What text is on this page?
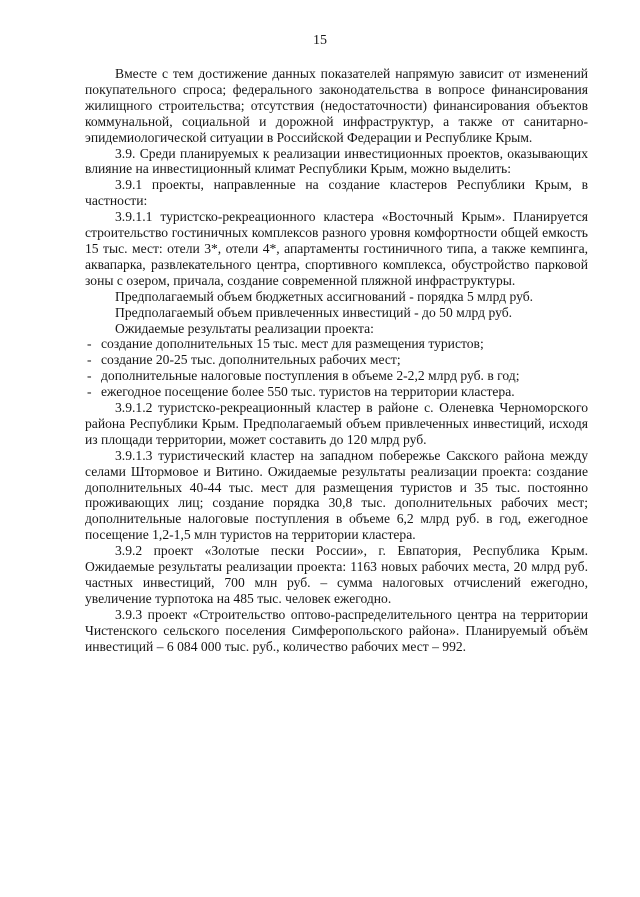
15

Вместе с тем достижение данных показателей напрямую зависит от изменений покупательного спроса; федерального законодательства в вопросе финансирования жилищного строительства; отсутствия (недостаточности) финансирования объектов коммунальной, социальной и дорожной инфраструктур, а также от санитарно-эпидемиологической ситуации в Российской Федерации и Республике Крым.

3.9. Среди планируемых к реализации инвестиционных проектов, оказывающих влияние на инвестиционный климат Республики Крым, можно выделить:

3.9.1 проекты, направленные на создание кластеров Республики Крым, в частности:

3.9.1.1 туристско-рекреационного кластера «Восточный Крым». Планируется строительство гостиничных комплексов разного уровня комфортности общей емкость 15 тыс. мест: отели 3*, отели 4*, апартаменты гостиничного типа, а также кемпинга, аквапарка, развлекательного центра, спортивного комплекса, обустройство парковой зоны с озером, причала, создание современной пляжной инфраструктуры.

Предполагаемый объем бюджетных ассигнований - порядка 5 млрд руб.

Предполагаемый объем привлеченных инвестиций - до 50 млрд руб.

Ожидаемые результаты реализации проекта:

- создание дополнительных 15 тыс. мест для размещения туристов;
- создание 20-25 тыс. дополнительных рабочих мест;
- дополнительные налоговые поступления в объеме 2-2,2 млрд руб. в год;
- ежегодное посещение более 550 тыс. туристов на территории кластера.

3.9.1.2 туристско-рекреационный кластер в районе с. Оленевка Черноморского района Республики Крым. Предполагаемый объем привлеченных инвестиций, исходя из площади территории, может составить до 120 млрд руб.

3.9.1.3 туристический кластер на западном побережье Сакского района между селами Штормовое и Витино. Ожидаемые результаты реализации проекта: создание дополнительных 40-44 тыс. мест для размещения туристов и 35 тыс. постоянно проживающих лиц; создание порядка 30,8 тыс. дополнительных рабочих мест; дополнительные налоговые поступления в объеме 6,2 млрд руб. в год, ежегодное посещение 1,2-1,5 млн туристов на территории кластера.

3.9.2 проект «Золотые пески России», г. Евпатория, Республика Крым. Ожидаемые результаты реализации проекта: 1163 новых рабочих места, 20 млрд руб. частных инвестиций, 700 млн руб. – сумма налоговых отчислений ежегодно, увеличение турпотока на 485 тыс. человек ежегодно.

3.9.3 проект «Строительство оптово-распределительного центра на территории Чистенского сельского поселения Симферопольского района». Планируемый объём инвестиций – 6 084 000 тыс. руб., количество рабочих мест – 992.
